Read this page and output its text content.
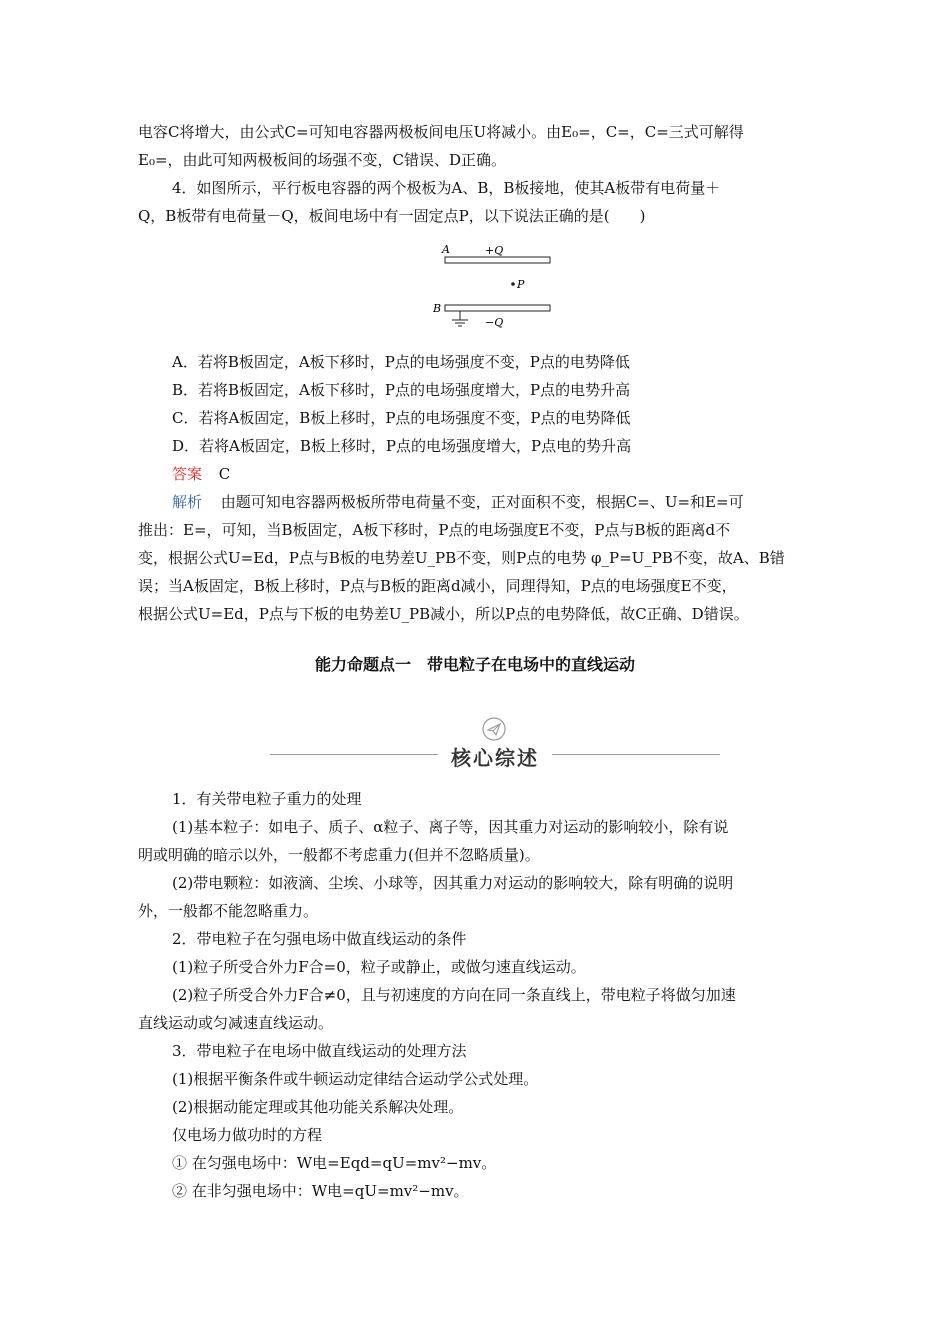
电容C将增大，由公式C=可知电容器两极板间电压U将减小。由E₀=，C=，C=三式可解得
E₀=，由此可知两极板间的场强不变，C错误、D正确。
4．如图所示，平行板电容器的两个极板为A、B，B板接地，使其A板带有电荷量＋
Q，B板带有电荷量－Q，板间电场中有一固定点P，以下说法正确的是(　　)
A	+Q
P
B
−Q
A．若将B板固定，A板下移时，P点的电场强度不变，P点的电势降低
B．若将B板固定，A板下移时，P点的电场强度增大，P点的电势升高
C．若将A板固定，B板上移时，P点的电场强度不变，P点的电势降低
D．若将A板固定，B板上移时，P点的电场强度增大，P点电的势升高
答案 C
解析 由题可知电容器两极板所带电荷量不变，正对面积不变，根据C=、U=和E=可
推出：E=，可知，当B板固定，A板下移时，P点的电场强度E不变，P点与B板的距离d不
变，根据公式U=Ed，P点与B板的电势差U_PB不变，则P点的电势 φ_P=U_PB不变，故A、B错
误；当A板固定，B板上移时，P点与B板的距离d减小，同理得知，P点的电场强度E不变，
根据公式U=Ed，P点与下板的电势差U_PB减小，所以P点的电势降低，故C正确、D错误。
能力命题点一　带电粒子在电场中的直线运动
核心综述
1．有关带电粒子重力的处理
(1)基本粒子：如电子、质子、α粒子、离子等，因其重力对运动的影响较小，除有说
明或明确的暗示以外，一般都不考虑重力(但并不忽略质量)。
(2)带电颗粒：如液滴、尘埃、小球等，因其重力对运动的影响较大，除有明确的说明
外，一般都不能忽略重力。
2．带电粒子在匀强电场中做直线运动的条件
(1)粒子所受合外力F合=0，粒子或静止，或做匀速直线运动。
(2)粒子所受合外力F合≠0，且与初速度的方向在同一条直线上，带电粒子将做匀加速
直线运动或匀减速直线运动。
3．带电粒子在电场中做直线运动的处理方法
(1)根据平衡条件或牛顿运动定律结合运动学公式处理。
(2)根据动能定理或其他功能关系解决处理。
仅电场力做功时的方程
① 在匀强电场中：W电=Eqd=qU=mv²−mv。
② 在非匀强电场中：W电=qU=mv²−mv。
